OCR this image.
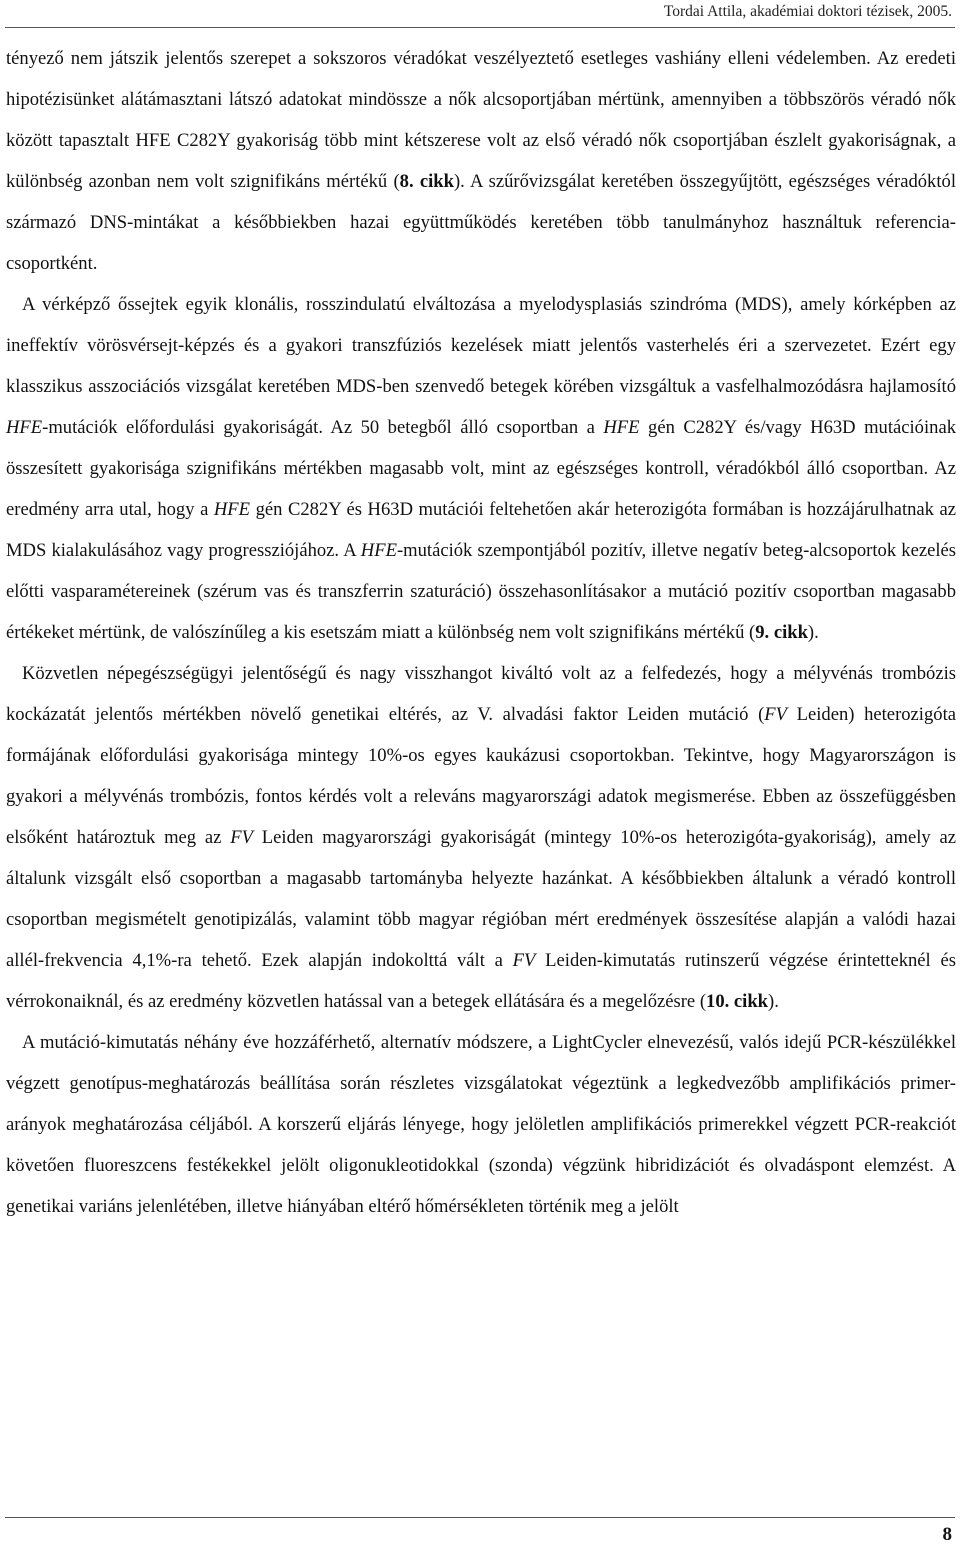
Tordai Attila, akadémiai doktori tézisek, 2005.

tényező nem játszik jelentős szerepet a sokszoros véradókat veszélyeztető esetleges vashiány elleni védelemben. Az eredeti hipotézisünket alátámasztani látszó adatokat mindössze a nők alcsoportjában mértünk, amennyiben a többszörös véradó nők között tapasztalt HFE C282Y gyakoriság több mint kétszerese volt az első véradó nők csoportjában észlelt gyakoriságnak, a különbség azonban nem volt szignifikáns mértékű (8. cikk). A szűrővizsgálat keretében összegyűjtött, egészséges véradóktól származó DNS-mintákat a későbbiekben hazai együttműködés keretében több tanulmányhoz használtuk referencia-csoportként.

A vérképző őssejtek egyik klonális, rosszindulatú elváltozása a myelodysplasiás szindróma (MDS), amely kórképben az ineffektív vörösvérsejt-képzés és a gyakori transzfúziós kezelések miatt jelentős vasterhelés éri a szervezetet. Ezért egy klasszikus asszociációs vizsgálat keretében MDS-ben szenvedő betegek körében vizsgáltuk a vasfelhalmozódásra hajlamosító HFE-mutációk előfordulási gyakoriságát. Az 50 betegből álló csoportban a HFE gén C282Y és/vagy H63D mutációinak összesített gyakorisága szignifikáns mértékben magasabb volt, mint az egészséges kontroll, véradókból álló csoportban. Az eredmény arra utal, hogy a HFE gén C282Y és H63D mutációi feltehetően akár heterozigóta formában is hozzájárulhatnak az MDS kialakulásához vagy progressziójához. A HFE-mutációk szempontjából pozitív, illetve negatív beteg-alcsoportok kezelés előtti vasparamétereinek (szérum vas és transzferrin szaturáció) összehasonlításakor a mutáció pozitív csoportban magasabb értékeket mértünk, de valószínűleg a kis esetszám miatt a különbség nem volt szignifikáns mértékű (9. cikk).

Közvetlen népegészségügyi jelentőségű és nagy visszhangot kiváltó volt az a felfedezés, hogy a mélyvénás trombózis kockázatát jelentős mértékben növelő genetikai eltérés, az V. alvadási faktor Leiden mutáció (FV Leiden) heterozigóta formájának előfordulási gyakorisága mintegy 10%-os egyes kaukázusi csoportokban. Tekintve, hogy Magyarországon is gyakori a mélyvénás trombózis, fontos kérdés volt a releváns magyarországi adatok megismerése. Ebben az összefüggésben elsőként határoztuk meg az FV Leiden magyarországi gyakoriságát (mintegy 10%-os heterozigóta-gyakoriság), amely az általunk vizsgált első csoportban a magasabb tartományba helyezte hazánkat. A későbbiekben általunk a véradó kontroll csoportban megismételt genotipizálás, valamint több magyar régióban mért eredmények összesítése alapján a valódi hazai allél-frekvencia 4,1%-ra tehető. Ezek alapján indokolttá vált a FV Leiden-kimutatás rutinszerű végzése érintetteknél és vérrokonaiknál, és az eredmény közvetlen hatással van a betegek ellátására és a megelőzésre (10. cikk).

A mutáció-kimutatás néhány éve hozzáférhető, alternatív módszere, a LightCycler elnevezésű, valós idejű PCR-készülékkel végzett genotípus-meghatározás beállítása során részletes vizsgálatokat végeztünk a legkedvezőbb amplifikációs primer-arányok meghatározása céljából. A korszerű eljárás lényege, hogy jelöletlen amplifikációs primerekkel végzett PCR-reakciót követően fluoreszcens festékekkel jelölt oligonukleotidokkal (szonda) végzünk hibridizációt és olvadáspont elemzést. A genetikai variáns jelenlétében, illetve hiányában eltérő hőmérsékleten történik meg a jelölt

8
